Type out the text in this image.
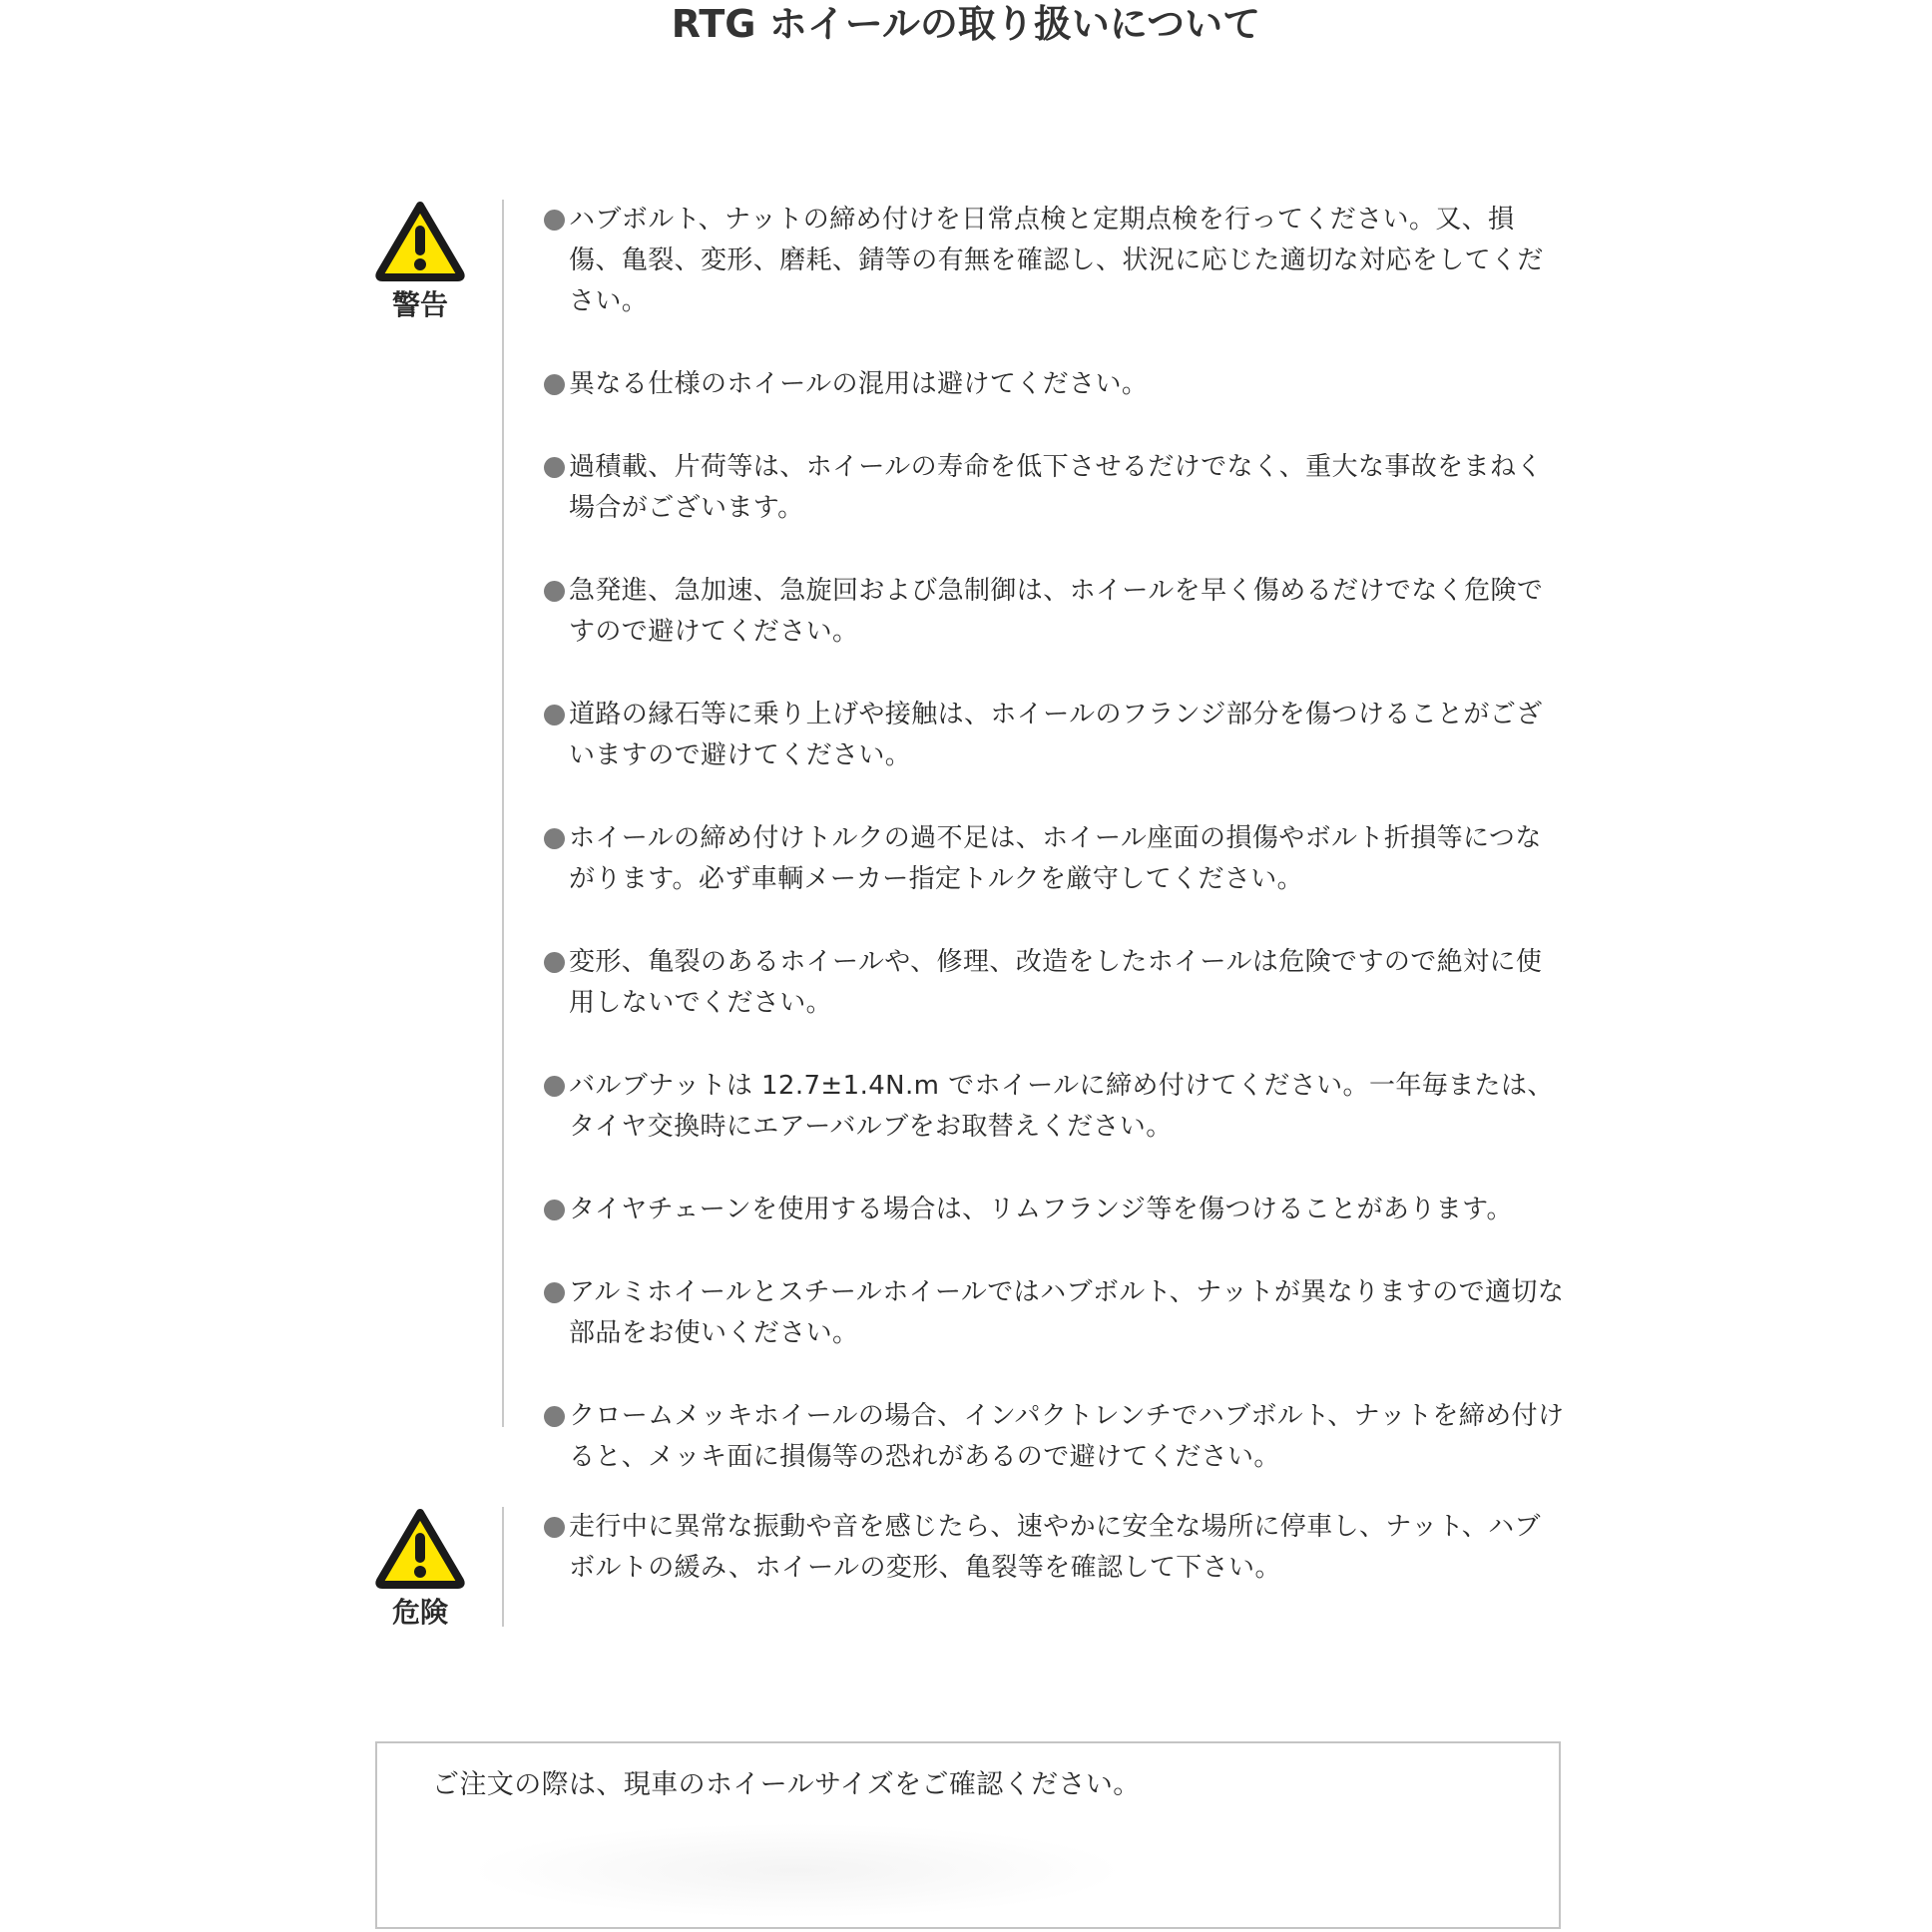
RTG ホイールの取り扱いについて
警告
ハブボルト、ナットの締め付けを日常点検と定期点検を行ってください。又、損傷、亀裂、変形、磨耗、錆等の有無を確認し、状況に応じた適切な対応をしてください。
異なる仕様のホイールの混用は避けてください。
過積載、片荷等は、ホイールの寿命を低下させるだけでなく、重大な事故をまねく場合がございます。
急発進、急加速、急旋回および急制御は、ホイールを早く傷めるだけでなく危険ですので避けてください。
道路の縁石等に乗り上げや接触は、ホイールのフランジ部分を傷つけることがございますので避けてください。
ホイールの締め付けトルクの過不足は、ホイール座面の損傷やボルト折損等につながります。必ず車輌メーカー指定トルクを厳守してください。
変形、亀裂のあるホイールや、修理、改造をしたホイールは危険ですので絶対に使用しないでください。
バルブナットは 12.7±1.4N.m でホイールに締め付けてください。一年毎または、タイヤ交換時にエアーバルブをお取替えください。
タイヤチェーンを使用する場合は、リムフランジ等を傷つけることがあります。
アルミホイールとスチールホイールではハブボルト、ナットが異なりますので適切な部品をお使いください。
クロームメッキホイールの場合、インパクトレンチでハブボルト、ナットを締め付けると、メッキ面に損傷等の恐れがあるので避けてください。
危険
走行中に異常な振動や音を感じたら、速やかに安全な場所に停車し、ナット、ハブボルトの緩み、ホイールの変形、亀裂等を確認して下さい。
ご注文の際は、現車のホイールサイズをご確認ください。
